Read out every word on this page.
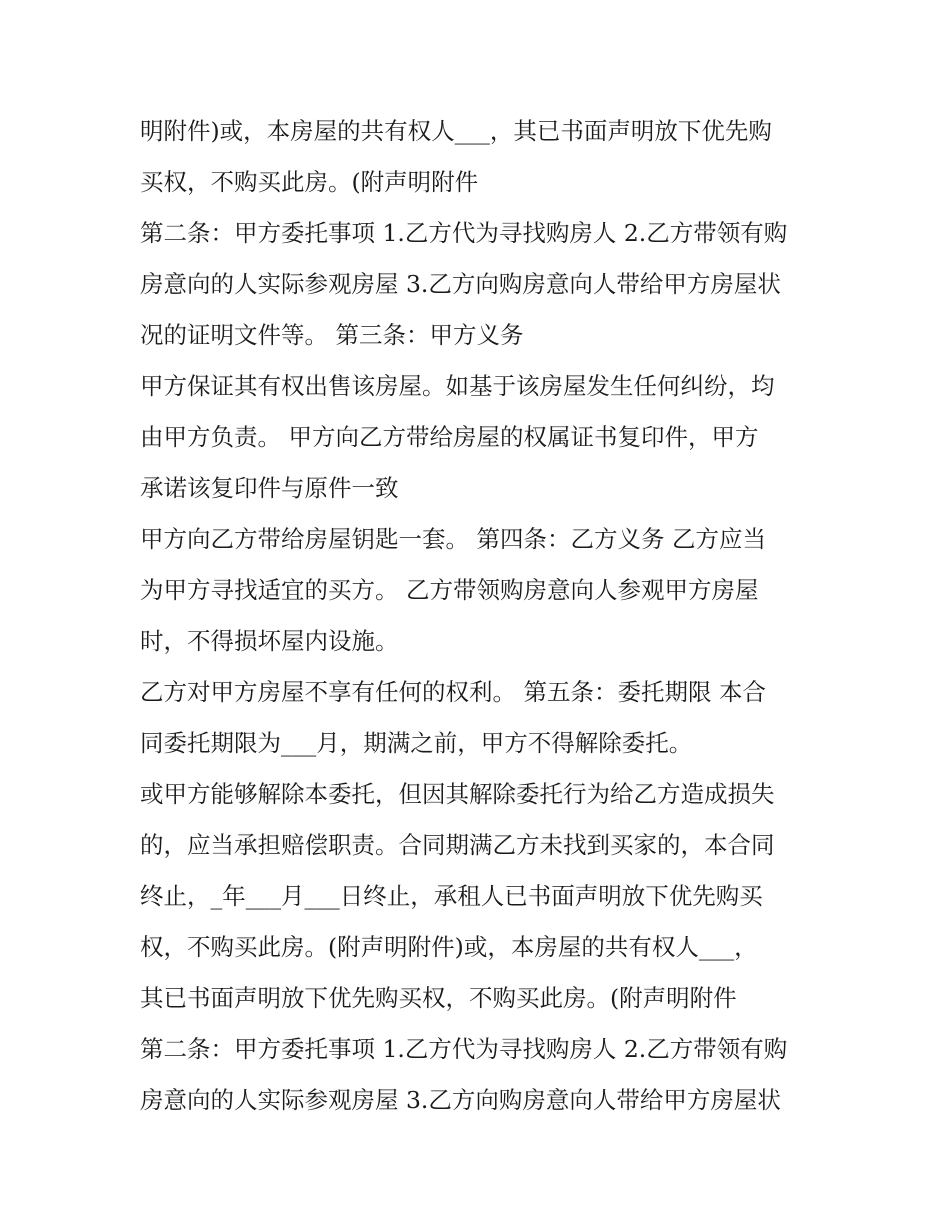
明附件)或，本房屋的共有权人___，其已书面声明放下优先购
买权，不购买此房。(附声明附件
第二条：甲方委托事项 1.乙方代为寻找购房人 2.乙方带领有购
房意向的人实际参观房屋 3.乙方向购房意向人带给甲方房屋状
况的证明文件等。 第三条：甲方义务
甲方保证其有权出售该房屋。如基于该房屋发生任何纠纷，均
由甲方负责。 甲方向乙方带给房屋的权属证书复印件，甲方
承诺该复印件与原件一致
甲方向乙方带给房屋钥匙一套。 第四条：乙方义务 乙方应当
为甲方寻找适宜的买方。 乙方带领购房意向人参观甲方房屋
时，不得损坏屋内设施。
乙方对甲方房屋不享有任何的权利。 第五条：委托期限 本合
同委托期限为___月，期满之前，甲方不得解除委托。
或甲方能够解除本委托，但因其解除委托行为给乙方造成损失
的，应当承担赔偿职责。合同期满乙方未找到买家的，本合同
终止，_年___月___日终止，承租人已书面声明放下优先购买
权，不购买此房。(附声明附件)或，本房屋的共有权人___，
其已书面声明放下优先购买权，不购买此房。(附声明附件
第二条：甲方委托事项 1.乙方代为寻找购房人 2.乙方带领有购
房意向的人实际参观房屋 3.乙方向购房意向人带给甲方房屋状
